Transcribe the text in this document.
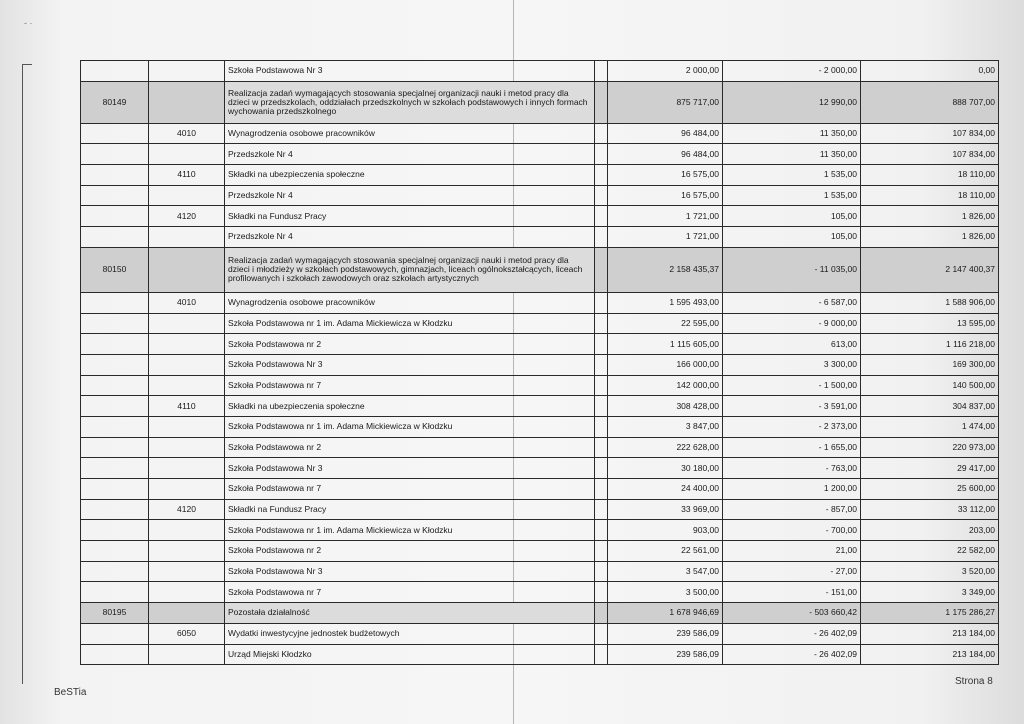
- ·
		Szkoła Podstawowa Nr 3		2 000,00	- 2 000,00	0,00
80149		Realizacja zadań wymagających stosowania specjalnej organizacji nauki i metod pracy dla dzieci w przedszkolach, oddziałach przedszkolnych w szkołach podstawowych i innych formach wychowania przedszkolnego		875 717,00	12 990,00	888 707,00
	4010	Wynagrodzenia osobowe pracowników		96 484,00	11 350,00	107 834,00
		Przedszkole Nr 4		96 484,00	11 350,00	107 834,00
	4110	Składki na ubezpieczenia społeczne		16 575,00	1 535,00	18 110,00
		Przedszkole Nr 4		16 575,00	1 535,00	18 110,00
	4120	Składki na Fundusz Pracy		1 721,00	105,00	1 826,00
		Przedszkole Nr 4		1 721,00	105,00	1 826,00
80150		Realizacja zadań wymagających stosowania specjalnej organizacji nauki i metod pracy dla dzieci i młodzieży w szkołach podstawowych, gimnazjach, liceach ogólnokształcących, liceach profilowanych i szkołach zawodowych oraz szkołach artystycznych		2 158 435,37	- 11 035,00	2 147 400,37
	4010	Wynagrodzenia osobowe pracowników		1 595 493,00	- 6 587,00	1 588 906,00
		Szkoła Podstawowa nr 1 im. Adama Mickiewicza w Kłodzku		22 595,00	- 9 000,00	13 595,00
		Szkoła Podstawowa nr 2		1 115 605,00	613,00	1 116 218,00
		Szkoła Podstawowa Nr 3		166 000,00	3 300,00	169 300,00
		Szkoła Podstawowa nr 7		142 000,00	- 1 500,00	140 500,00
	4110	Składki na ubezpieczenia społeczne		308 428,00	- 3 591,00	304 837,00
		Szkoła Podstawowa nr 1 im. Adama Mickiewicza w Kłodzku		3 847,00	- 2 373,00	1 474,00
		Szkoła Podstawowa nr 2		222 628,00	- 1 655,00	220 973,00
		Szkoła Podstawowa Nr 3		30 180,00	- 763,00	29 417,00
		Szkoła Podstawowa nr 7		24 400,00	1 200,00	25 600,00
	4120	Składki na Fundusz Pracy		33 969,00	- 857,00	33 112,00
		Szkoła Podstawowa nr 1 im. Adama Mickiewicza w Kłodzku		903,00	- 700,00	203,00
		Szkoła Podstawowa nr 2		22 561,00	21,00	22 582,00
		Szkoła Podstawowa Nr 3		3 547,00	- 27,00	3 520,00
		Szkoła Podstawowa nr 7		3 500,00	- 151,00	3 349,00
80195		Pozostała działalność		1 678 946,69	- 503 660,42	1 175 286,27
	6050	Wydatki inwestycyjne jednostek budżetowych		239 586,09	- 26 402,09	213 184,00
		Urząd Miejski Kłodzko		239 586,09	- 26 402,09	213 184,00
BeSTia
Strona 8
